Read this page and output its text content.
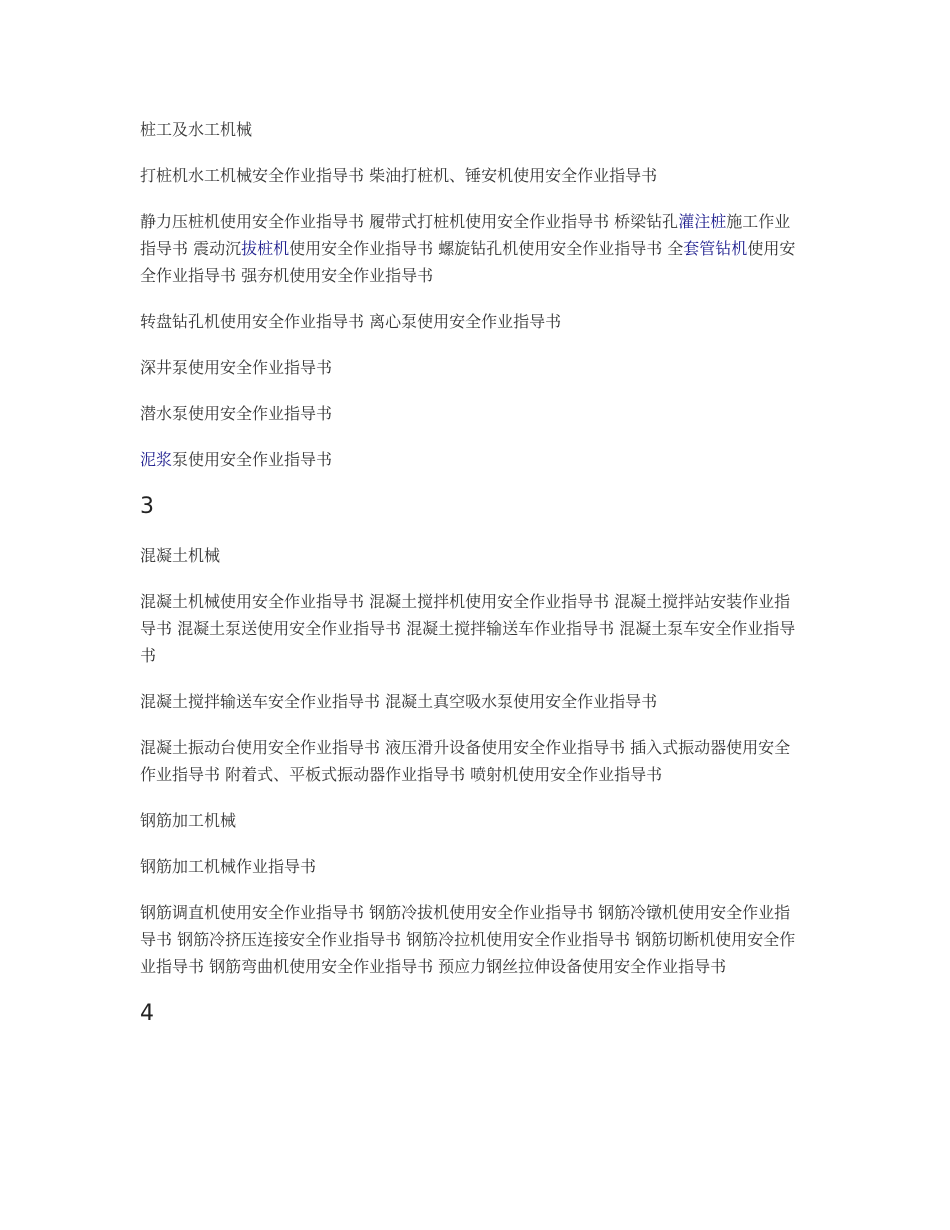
桩工及水工机械

打桩机水工机械安全作业指导书 柴油打桩机、锤安机使用安全作业指导书

静力压桩机使用安全作业指导书 履带式打桩机使用安全作业指导书 桥梁钻孔灌注桩施工作业指导书 震动沉拔桩机使用安全作业指导书 螺旋钻孔机使用安全作业指导书 全套管钻机使用安全作业指导书 强夯机使用安全作业指导书

转盘钻孔机使用安全作业指导书 离心泵使用安全作业指导书

深井泵使用安全作业指导书

潜水泵使用安全作业指导书

泥浆泵使用安全作业指导书

3

混凝土机械

混凝土机械使用安全作业指导书 混凝土搅拌机使用安全作业指导书 混凝土搅拌站安装作业指导书 混凝土泵送使用安全作业指导书 混凝土搅拌输送车作业指导书 混凝土泵车安全作业指导书

混凝土搅拌输送车安全作业指导书 混凝土真空吸水泵使用安全作业指导书

混凝土振动台使用安全作业指导书 液压滑升设备使用安全作业指导书 插入式振动器使用安全作业指导书 附着式、平板式振动器作业指导书 喷射机使用安全作业指导书

钢筋加工机械

钢筋加工机械作业指导书

钢筋调直机使用安全作业指导书 钢筋冷拔机使用安全作业指导书 钢筋冷镦机使用安全作业指导书 钢筋冷挤压连接安全作业指导书 钢筋冷拉机使用安全作业指导书 钢筋切断机使用安全作业指导书 钢筋弯曲机使用安全作业指导书 预应力钢丝拉伸设备使用安全作业指导书

4
